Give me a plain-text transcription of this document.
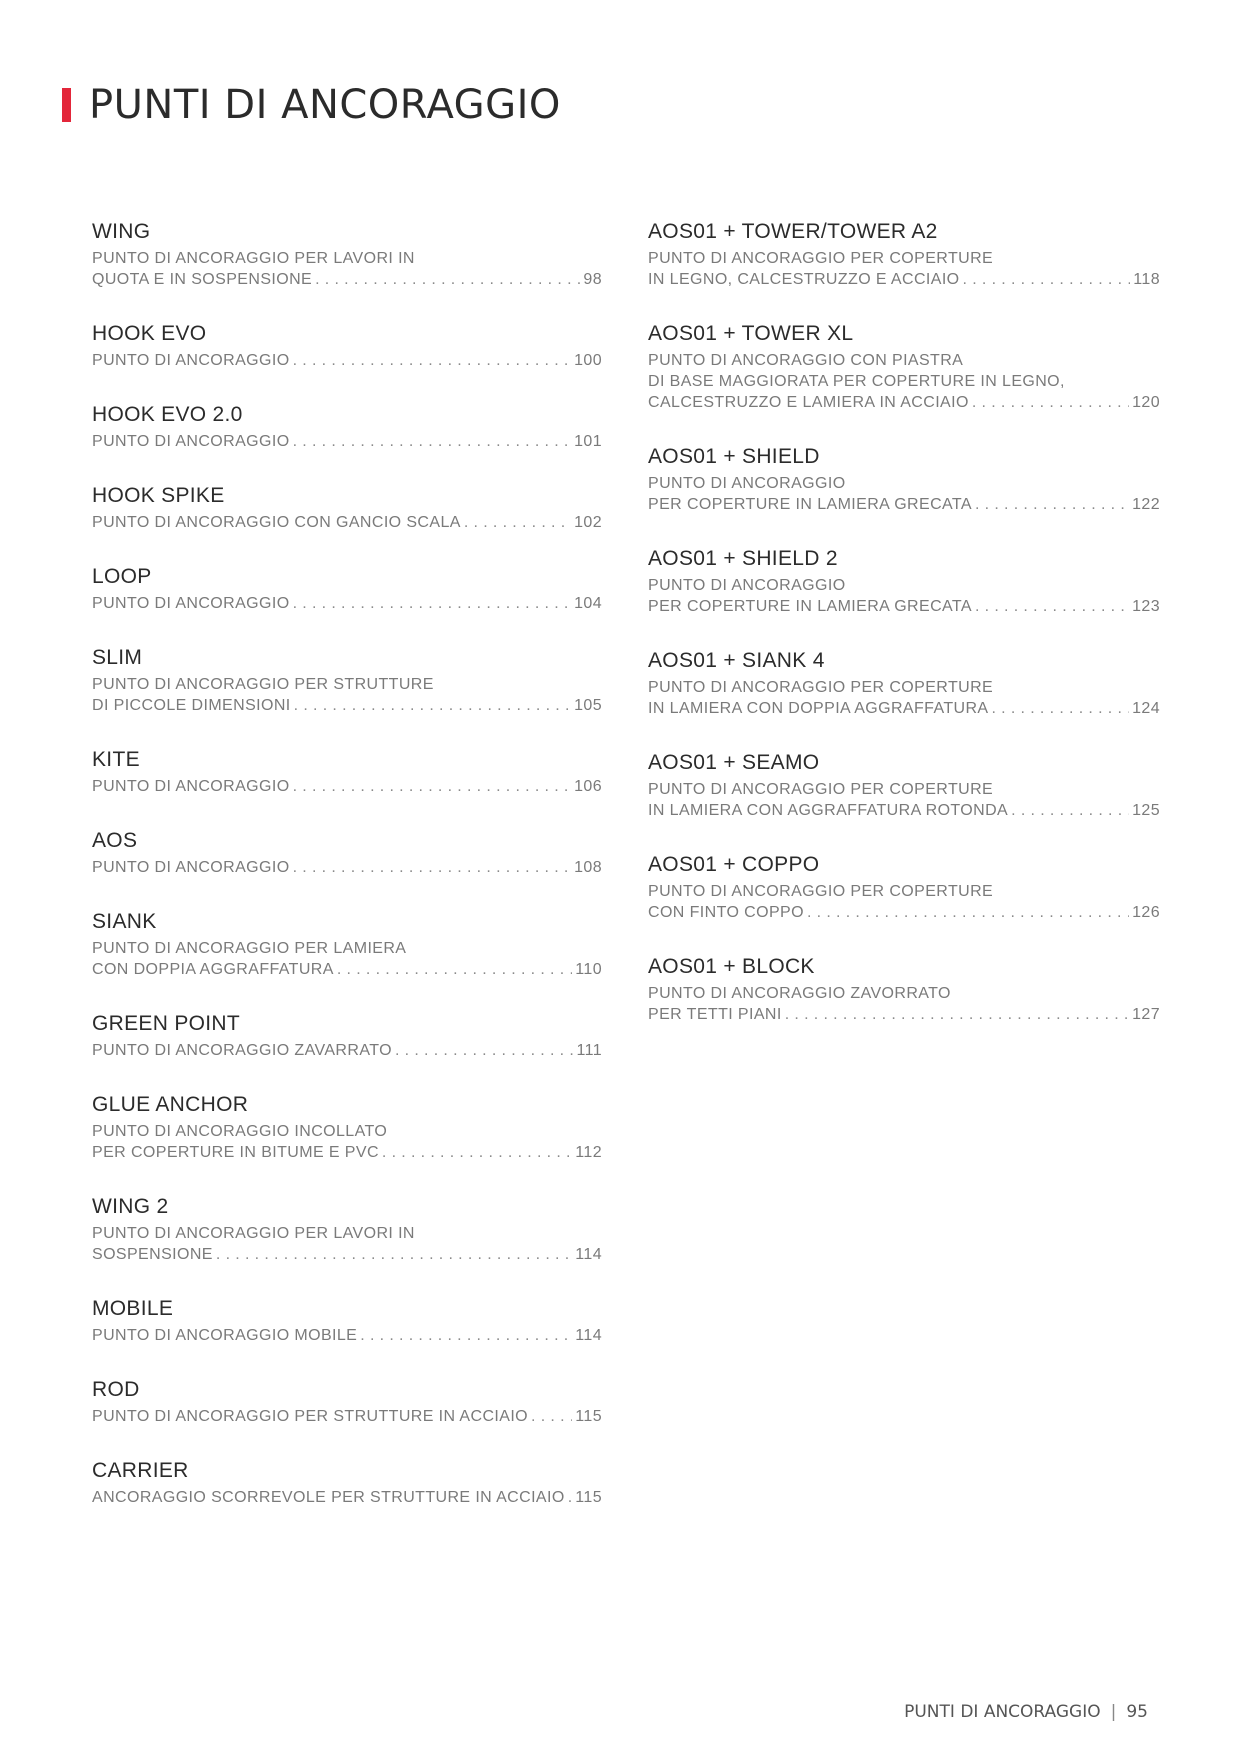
PUNTI DI ANCORAGGIO
WING
PUNTO DI ANCORAGGIO PER LAVORI IN
QUOTA E IN SOSPENSIONE . . .	98
HOOK EVO
PUNTO DI ANCORAGGIO . . .	100
HOOK EVO 2.0
PUNTO DI ANCORAGGIO . . .	101
HOOK SPIKE
PUNTO DI ANCORAGGIO CON GANCIO SCALA . . .	102
LOOP
PUNTO DI ANCORAGGIO . . .	104
SLIM
PUNTO DI ANCORAGGIO PER STRUTTURE
DI PICCOLE DIMENSIONI . . .	105
KITE
PUNTO DI ANCORAGGIO . . .	106
AOS
PUNTO DI ANCORAGGIO . . .	108
SIANK
PUNTO DI ANCORAGGIO PER LAMIERA
CON DOPPIA AGGRAFFATURA . . .	110
GREEN POINT
PUNTO DI ANCORAGGIO ZAVARRATO . . .	111
GLUE ANCHOR
PUNTO DI ANCORAGGIO INCOLLATO
PER COPERTURE IN BITUME E PVC . . .	112
WING 2
PUNTO DI ANCORAGGIO PER LAVORI IN
SOSPENSIONE . . .	114
MOBILE
PUNTO DI ANCORAGGIO MOBILE . . .	114
ROD
PUNTO DI ANCORAGGIO PER STRUTTURE IN ACCIAIO . . .	115
CARRIER
ANCORAGGIO SCORREVOLE PER STRUTTURE IN ACCIAIO . . . 115
AOS01 + TOWER/TOWER A2
PUNTO DI ANCORAGGIO PER COPERTURE
IN LEGNO, CALCESTRUZZO E ACCIAIO . . .	118
AOS01 + TOWER XL
PUNTO DI ANCORAGGIO CON PIASTRA
DI BASE MAGGIORATA PER COPERTURE IN LEGNO,
CALCESTRUZZO E LAMIERA IN ACCIAIO . . .	120
AOS01 + SHIELD
PUNTO DI ANCORAGGIO
PER COPERTURE IN LAMIERA GRECATA . . .	122
AOS01 + SHIELD 2
PUNTO DI ANCORAGGIO
PER COPERTURE IN LAMIERA GRECATA . . .	123
AOS01 + SIANK 4
PUNTO DI ANCORAGGIO PER COPERTURE
IN LAMIERA CON DOPPIA AGGRAFFATURA . . .	124
AOS01 + SEAMO
PUNTO DI ANCORAGGIO PER COPERTURE
IN LAMIERA CON AGGRAFFATURA ROTONDA . . .	125
AOS01 + COPPO
PUNTO DI ANCORAGGIO PER COPERTURE
CON FINTO COPPO . . .	126
AOS01 + BLOCK
PUNTO DI ANCORAGGIO ZAVORRATO
PER TETTI PIANI . . .	127
PUNTI DI ANCORAGGIO | 95
